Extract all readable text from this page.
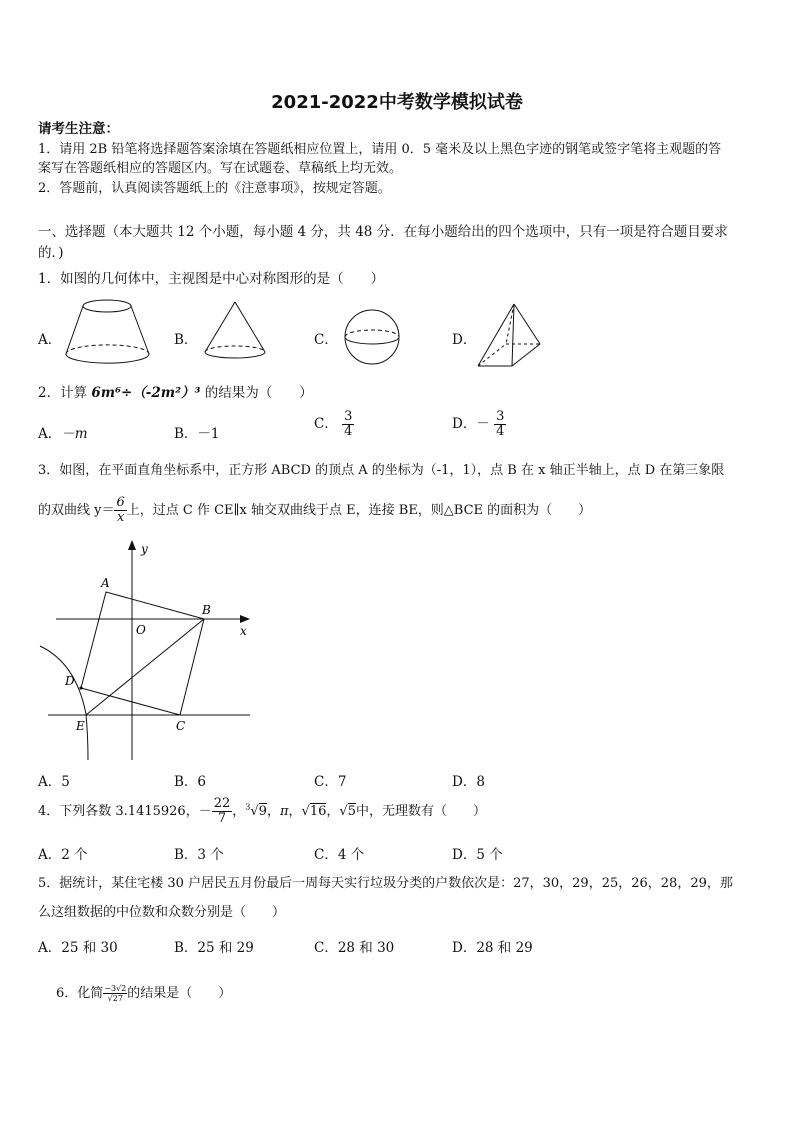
2021-2022中考数学模拟试卷
请考生注意：
1．请用 2B 铅笔将选择题答案涂填在答题纸相应位置上，请用 0．5 毫米及以上黑色字迹的钢笔或签字笔将主观题的答
案写在答题纸相应的答题区内。写在试题卷、草稿纸上均无效。
2．答题前，认真阅读答题纸上的《注意事项》，按规定答题。
一、选择题（本大题共 12 个小题，每小题 4 分，共 48 分．在每小题给出的四个选项中，只有一项是符合题目要求
的．)
1．如图的几何体中，主视图是中心对称图形的是（　　）
A．	B．	C．	D．
2．计算 6m⁶÷（-2m²）³ 的结果为（　　）
A．－m	B．－1
C． $\frac{3}{4}$	D．－ $\frac{3}{4}$
3．如图，在平面直角坐标系中，正方形 ABCD 的顶点 A 的坐标为（-1，1），点 B 在 x 轴正半轴上，点 D 在第三象限
的双曲线 $y= \frac{6}{x}$ 上，过点 C 作 CE∥x 轴交双曲线于点 E，连接 BE，则△BCE 的面积为（　　）
y
x
A
B
O
D
E	C
A．5	B．6	C．7	D．8
4．下列各数 3.1415926，－ $\frac{22}{7}$ ，$^3$√9，π，√16，√5中，无理数有（　　）
A．2 个	B．3 个	C．4 个	D．5 个
5．据统计，某住宅楼 30 户居民五月份最后一周每天实行垃圾分类的户数依次是：27，30，29，25，26，28，29，那
么这组数据的中位数和众数分别是（　　）
A．25 和 30	B．25 和 29	C．28 和 30	D．28 和 29
6．化简 $\frac{-3√2}{√27}$ 的结果是（　　）
